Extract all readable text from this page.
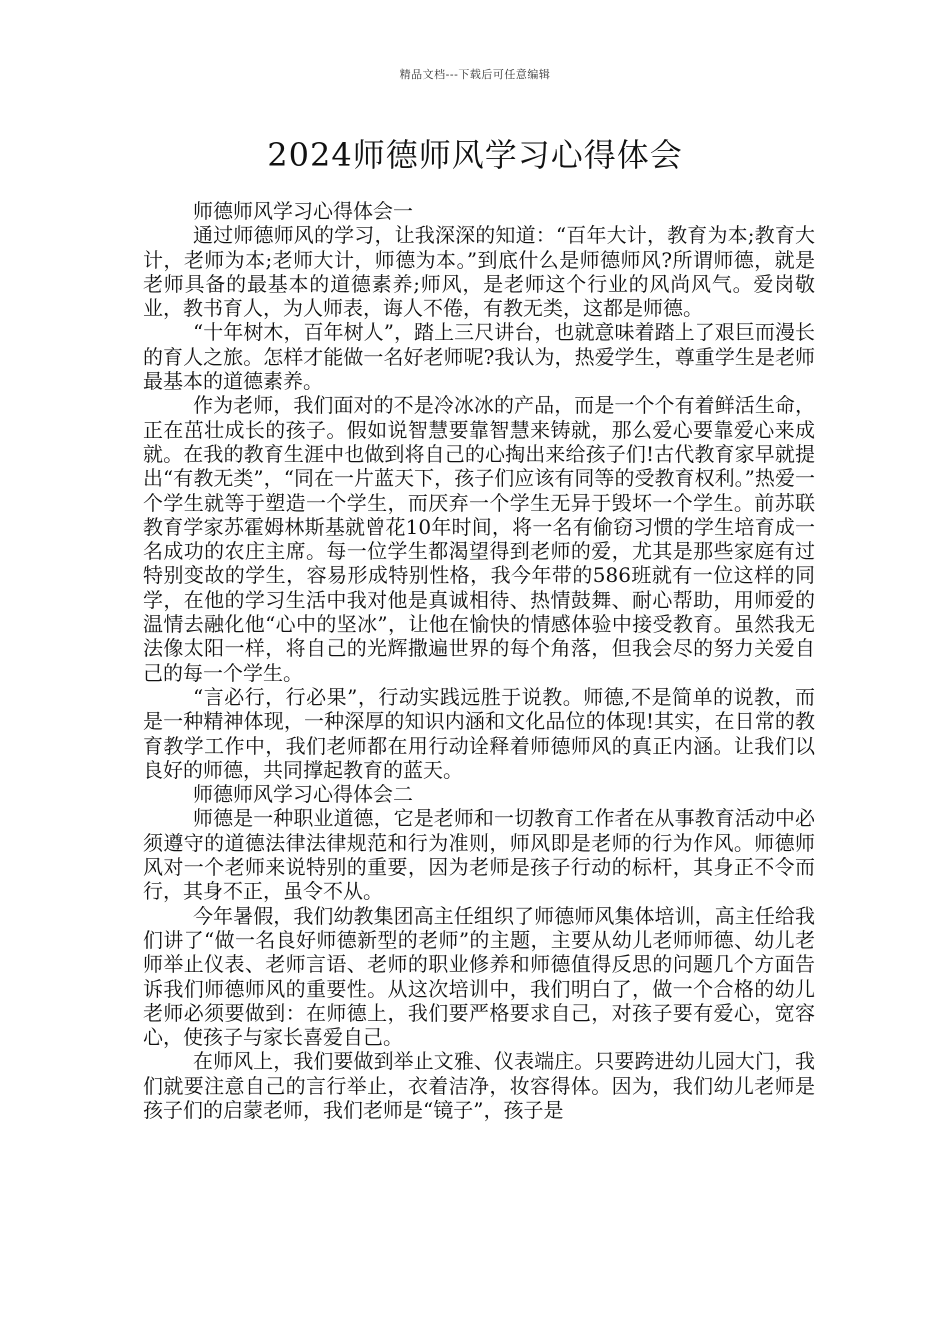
精品文档---下载后可任意编辑
2024师德师风学习心得体会

师德师风学习心得体会一

通过师德师风的学习，让我深深的知道：“百年大计，教育为本;教育大计，老师为本;老师大计，师德为本。”到底什么是师德师风?所谓师德，就是老师具备的最基本的道德素养;师风，是老师这个行业的风尚风气。爱岗敬业，教书育人，为人师表，诲人不倦，有教无类，这都是师德。

“十年树木，百年树人”，踏上三尺讲台，也就意味着踏上了艰巨而漫长的育人之旅。怎样才能做一名好老师呢?我认为，热爱学生，尊重学生是老师最基本的道德素养。

作为老师，我们面对的不是冷冰冰的产品，而是一个个有着鲜活生命，正在茁壮成长的孩子。假如说智慧要靠智慧来铸就，那么爱心要靠爱心来成就。在我的教育生涯中也做到将自己的心掏出来给孩子们!古代教育家早就提出“有教无类”，“同在一片蓝天下，孩子们应该有同等的受教育权利。”热爱一个学生就等于塑造一个学生，而厌弃一个学生无异于毁坏一个学生。前苏联教育学家苏霍姆林斯基就曾花10年时间，将一名有偷窃习惯的学生培育成一名成功的农庄主席。每一位学生都渴望得到老师的爱，尤其是那些家庭有过特别变故的学生，容易形成特别性格，我今年带的586班就有一位这样的同学，在他的学习生活中我对他是真诚相待、热情鼓舞、耐心帮助，用师爱的温情去融化他“心中的坚冰”，让他在愉快的情感体验中接受教育。虽然我无法像太阳一样，将自己的光辉撒遍世界的每个角落，但我会尽的努力关爱自己的每一个学生。

“言必行，行必果”，行动实践远胜于说教。师德,不是简单的说教，而是一种精神体现，一种深厚的知识内涵和文化品位的体现!其实，在日常的教育教学工作中，我们老师都在用行动诠释着师德师风的真正内涵。让我们以良好的师德，共同撑起教育的蓝天。

师德师风学习心得体会二

师德是一种职业道德，它是老师和一切教育工作者在从事教育活动中必须遵守的道德法律法律规范和行为准则，师风即是老师的行为作风。师德师风对一个老师来说特别的重要，因为老师是孩子行动的标杆，其身正不令而行，其身不正，虽令不从。

今年暑假，我们幼教集团高主任组织了师德师风集体培训，高主任给我们讲了“做一名良好师德新型的老师”的主题，主要从幼儿老师师德、幼儿老师举止仪表、老师言语、老师的职业修养和师德值得反思的问题几个方面告诉我们师德师风的重要性。从这次培训中，我们明白了，做一个合格的幼儿老师必须要做到：在师德上，我们要严格要求自己，对孩子要有爱心，宽容心，使孩子与家长喜爱自己。

在师风上，我们要做到举止文雅、仪表端庄。只要跨进幼儿园大门，我们就要注意自己的言行举止，衣着洁净，妆容得体。因为，我们幼儿老师是孩子们的启蒙老师，我们老师是“镜子”，孩子是
